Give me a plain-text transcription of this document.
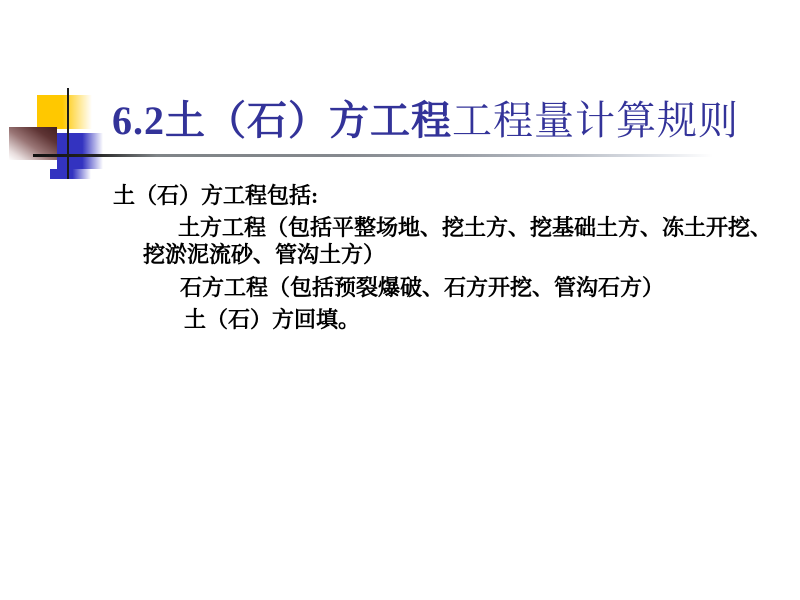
6.2土（石）方工程工程量计算规则
土（石）方工程包括:
土方工程（包括平整场地、挖土方、挖基础土方、冻土开挖、
挖淤泥流砂、管沟土方）
石方工程（包括预裂爆破、石方开挖、管沟石方）
土（石）方回填。
